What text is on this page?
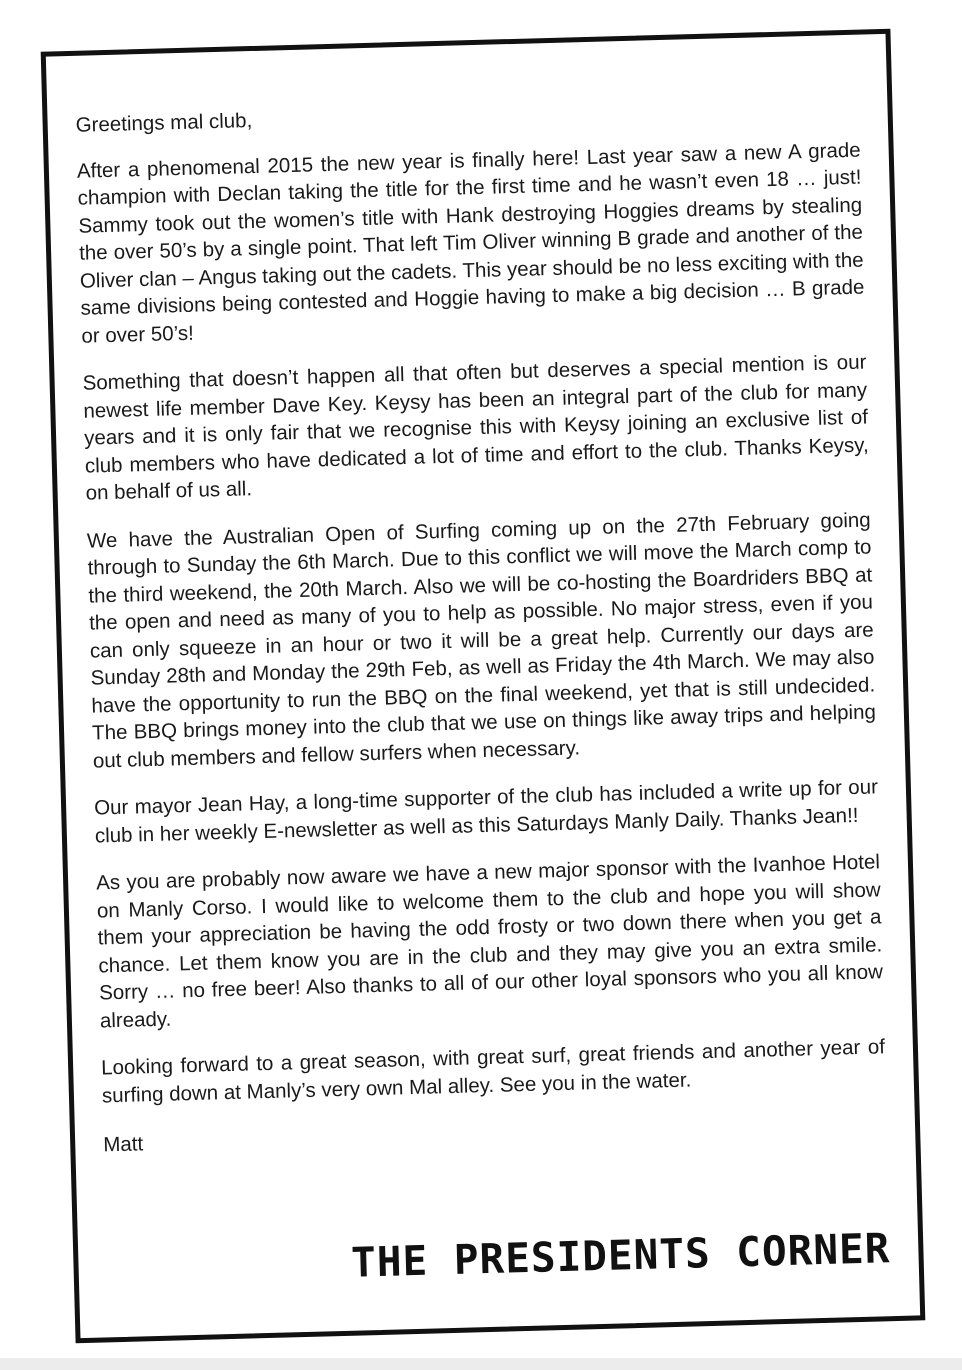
Greetings mal club,

After a phenomenal 2015 the new year is finally here! Last year saw a new A grade champion with Declan taking the title for the first time and he wasn’t even 18 … just! Sammy took out the women’s title with Hank destroying Hoggies dreams by stealing the over 50’s by a single point. That left Tim Oliver winning B grade and another of the Oliver clan – Angus taking out the cadets. This year should be no less exciting with the same divisions being contested and Hoggie having to make a big decision … B grade or over 50’s!

Something that doesn’t happen all that often but deserves a special mention is our newest life member Dave Key. Keysy has been an integral part of the club for many years and it is only fair that we recognise this with Keysy joining an exclusive list of club members who have dedicated a lot of time and effort to the club. Thanks Keysy, on behalf of us all.

We have the Australian Open of Surfing coming up on the 27th February going through to Sunday the 6th March. Due to this conflict we will move the March comp to the third weekend, the 20th March. Also we will be co-hosting the Boardriders BBQ at the open and need as many of you to help as possible. No major stress, even if you can only squeeze in an hour or two it will be a great help. Currently our days are Sunday 28th and Monday the 29th Feb, as well as Friday the 4th March. We may also have the opportunity to run the BBQ on the final weekend, yet that is still undecided. The BBQ brings money into the club that we use on things like away trips and helping out club members and fellow surfers when necessary.

Our mayor Jean Hay, a long-time supporter of the club has included a write up for our club in her weekly E-newsletter as well as this Saturdays Manly Daily. Thanks Jean!!

As you are probably now aware we have a new major sponsor with the Ivanhoe Hotel on Manly Corso. I would like to welcome them to the club and hope you will show them your appreciation be having the odd frosty or two down there when you get a chance. Let them know you are in the club and they may give you an extra smile. Sorry … no free beer! Also thanks to all of our other loyal sponsors who you all know already.

Looking forward to a great season, with great surf, great friends and another year of surfing down at Manly’s very own Mal alley. See you in the water.

Matt

THE PRESIDENTS CORNER
